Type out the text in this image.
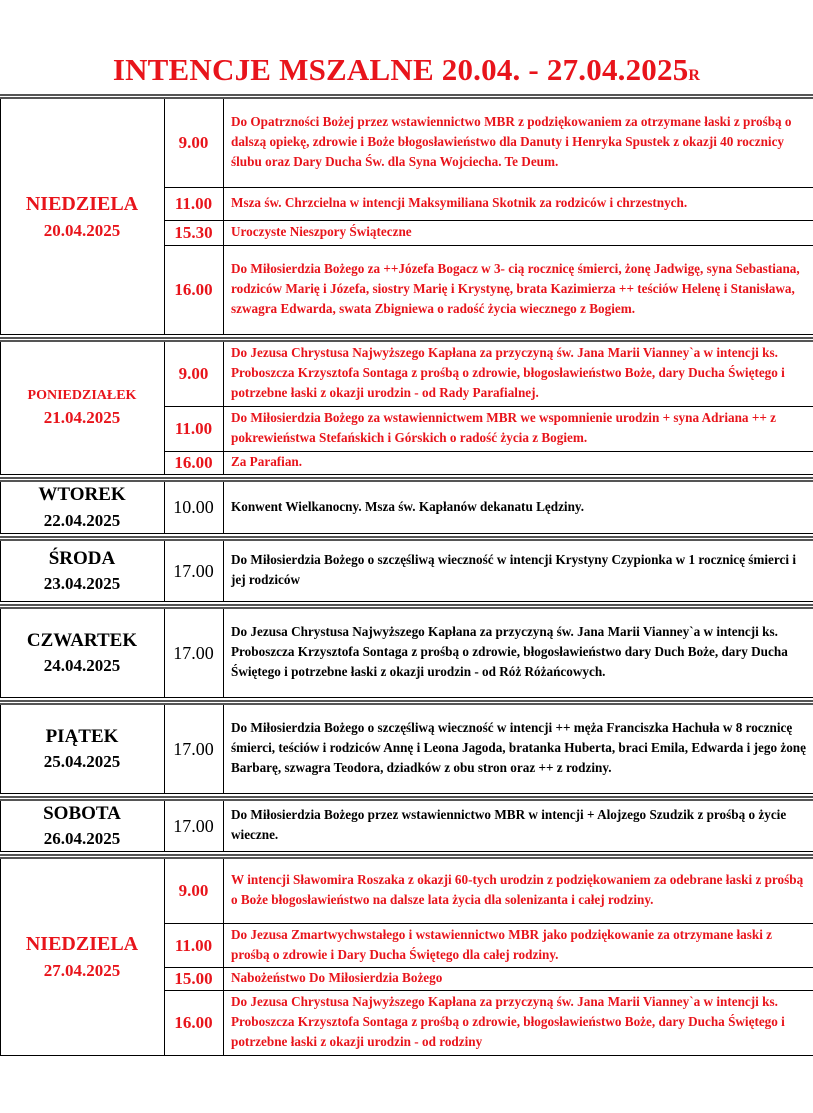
INTENCJE MSZALNE 20.04. - 27.04.2025R
NIEDZIELA
20.04.2025
9.00
Do Opatrzności Bożej przez wstawiennictwo MBR z podziękowaniem za otrzymane łaski z prośbą o dalszą opiekę, zdrowie i Boże błogosławieństwo dla Danuty i Henryka Spustek z okazji 40 rocznicy ślubu oraz Dary Ducha Św. dla Syna Wojciecha. Te Deum.
11.00	Msza św. Chrzcielna w intencji Maksymiliana Skotnik za rodziców i chrzestnych.
15.30	Uroczyste Nieszpory Świąteczne
16.00
Do Miłosierdzia Bożego za ++Józefa Bogacz w 3- cią rocznicę śmierci, żonę Jadwigę, syna Sebastiana, rodziców Marię i Józefa, siostry Marię i Krystynę, brata Kazimierza ++ teściów Helenę i Stanisława, szwagra Edwarda, swata Zbigniewa o radość życia wiecznego z Bogiem.
PONIEDZIAŁEK
21.04.2025
9.00
Do Jezusa Chrystusa Najwyższego Kapłana za przyczyną św. Jana Marii Vianney`a w intencji ks. Proboszcza Krzysztofa Sontaga z prośbą o zdrowie, błogosławieństwo Boże, dary Ducha Świętego i potrzebne łaski z okazji urodzin - od Rady Parafialnej.
11.00
Do Miłosierdzia Bożego za wstawiennictwem MBR we wspomnienie urodzin + syna Adriana ++ z pokrewieństwa Stefańskich i Górskich o radość życia z Bogiem.
16.00	Za Parafian.
WTOREK
22.04.2025
10.00	Konwent Wielkanocny. Msza św. Kapłanów dekanatu Lędziny.
ŚRODA
23.04.2025
17.00
Do Miłosierdzia Bożego o szczęśliwą wieczność w intencji Krystyny Czypionka w 1 rocznicę śmierci i jej rodziców
CZWARTEK
24.04.2025
17.00
Do Jezusa Chrystusa Najwyższego Kapłana za przyczyną św. Jana Marii Vianney`a w intencji ks. Proboszcza Krzysztofa Sontaga z prośbą o zdrowie, błogosławieństwo dary Duch Boże, dary Ducha Świętego i potrzebne łaski z okazji urodzin - od Róż Różańcowych.
PIĄTEK
25.04.2025
17.00
Do Miłosierdzia Bożego o szczęśliwą wieczność w intencji ++ męża Franciszka Hachuła w 8 rocznicę śmierci, teściów i rodziców Annę i Leona Jagoda, bratanka Huberta, braci Emila, Edwarda i jego żonę Barbarę, szwagra Teodora, dziadków z obu stron oraz ++ z rodziny.
SOBOTA
26.04.2025
17.00
Do Miłosierdzia Bożego przez wstawiennictwo MBR w intencji + Alojzego Szudzik z prośbą o życie wieczne.
NIEDZIELA
27.04.2025
9.00
W intencji Sławomira Roszaka z okazji 60-tych urodzin z podziękowaniem za odebrane łaski z prośbą o Boże błogosławieństwo na dalsze lata życia dla solenizanta i całej rodziny.
11.00
Do Jezusa Zmartwychwstałego i wstawiennictwo MBR jako podziękowanie za otrzymane łaski z prośbą o zdrowie i Dary Ducha Świętego dla całej rodziny.
15.00	Nabożeństwo Do Miłosierdzia Bożego
16.00
Do Jezusa Chrystusa Najwyższego Kapłana za przyczyną św. Jana Marii Vianney`a w intencji ks. Proboszcza Krzysztofa Sontaga z prośbą o zdrowie, błogosławieństwo Boże, dary Ducha Świętego i potrzebne łaski z okazji urodzin - od rodziny
